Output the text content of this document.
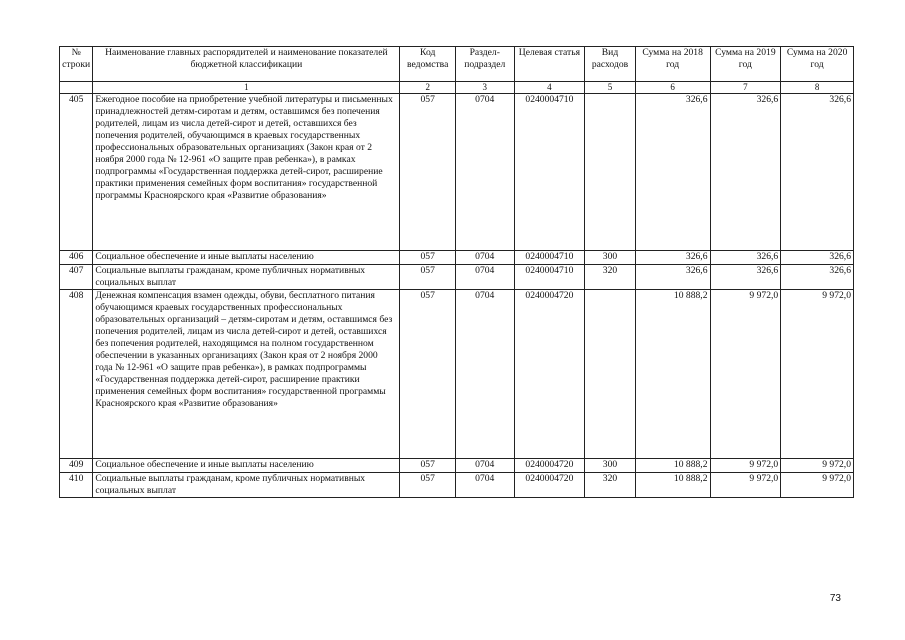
№ строки	Наименование главных распорядителей и наименование показателей бюджетной классификации	Код ведомства	Раздел-подраздел	Целевая статья	Вид расходов	Сумма на 2018 год	Сумма на 2019 год	Сумма на 2020 год
	1	2	3	4	5	6	7	8
405	Ежегодное пособие на приобретение учебной литературы и письменных принадлежностей детям-сиротам и детям, оставшимся без попечения родителей, лицам из числа детей-сирот и детей, оставшихся без попечения родителей, обучающимся в краевых государственных профессиональных образовательных организациях (Закон края от 2 ноября 2000 года № 12-961 «О защите прав ребенка»), в рамках подпрограммы «Государственная поддержка детей-сирот, расширение практики применения семейных форм воспитания» государственной программы Красноярского края «Развитие образования»	057	0704	0240004710		326,6	326,6	326,6
406	Социальное обеспечение и иные выплаты населению	057	0704	0240004710	300	326,6	326,6	326,6
407	Социальные выплаты гражданам, кроме публичных нормативных социальных выплат	057	0704	0240004710	320	326,6	326,6	326,6
408	Денежная компенсация взамен одежды, обуви, бесплатного питания обучающимся краевых государственных профессиональных образовательных организаций – детям-сиротам и детям, оставшимся без попечения родителей, лицам из числа детей-сирот и детей, оставшихся без попечения родителей, находящимся на полном государственном обеспечении в указанных организациях (Закон края от 2 ноября 2000 года № 12-961 «О защите прав ребенка»), в рамках подпрограммы «Государственная поддержка детей-сирот, расширение практики применения семейных форм воспитания» государственной программы Красноярского края «Развитие образования»	057	0704	0240004720		10 888,2	9 972,0	9 972,0
409	Социальное обеспечение и иные выплаты населению	057	0704	0240004720	300	10 888,2	9 972,0	9 972,0
410	Социальные выплаты гражданам, кроме публичных нормативных социальных выплат	057	0704	0240004720	320	10 888,2	9 972,0	9 972,0
73
